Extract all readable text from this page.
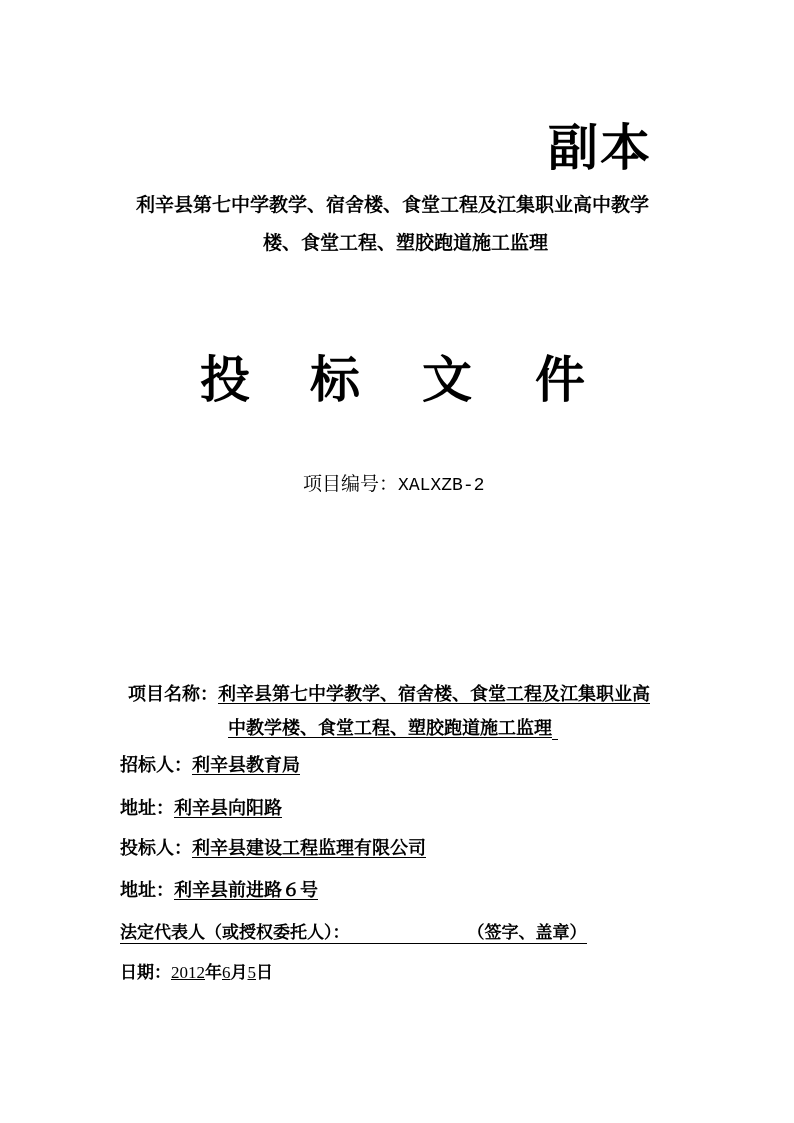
副本
利辛县第七中学教学、宿舍楼、食堂工程及江集职业高中教学
楼、食堂工程、塑胶跑道施工监理
投 标 文 件
项目编号：XALXZB-2
项目名称：利辛县第七中学教学、宿舍楼、食堂工程及江集职业高
中教学楼、食堂工程、塑胶跑道施工监理
招标人：利辛县教育局
地址：利辛县向阳路
投标人：利辛县建设工程监理有限公司
地址：利辛县前进路６号
法定代表人（或授权委托人）：	（签字、盖章）
日期：2012年6月5日
